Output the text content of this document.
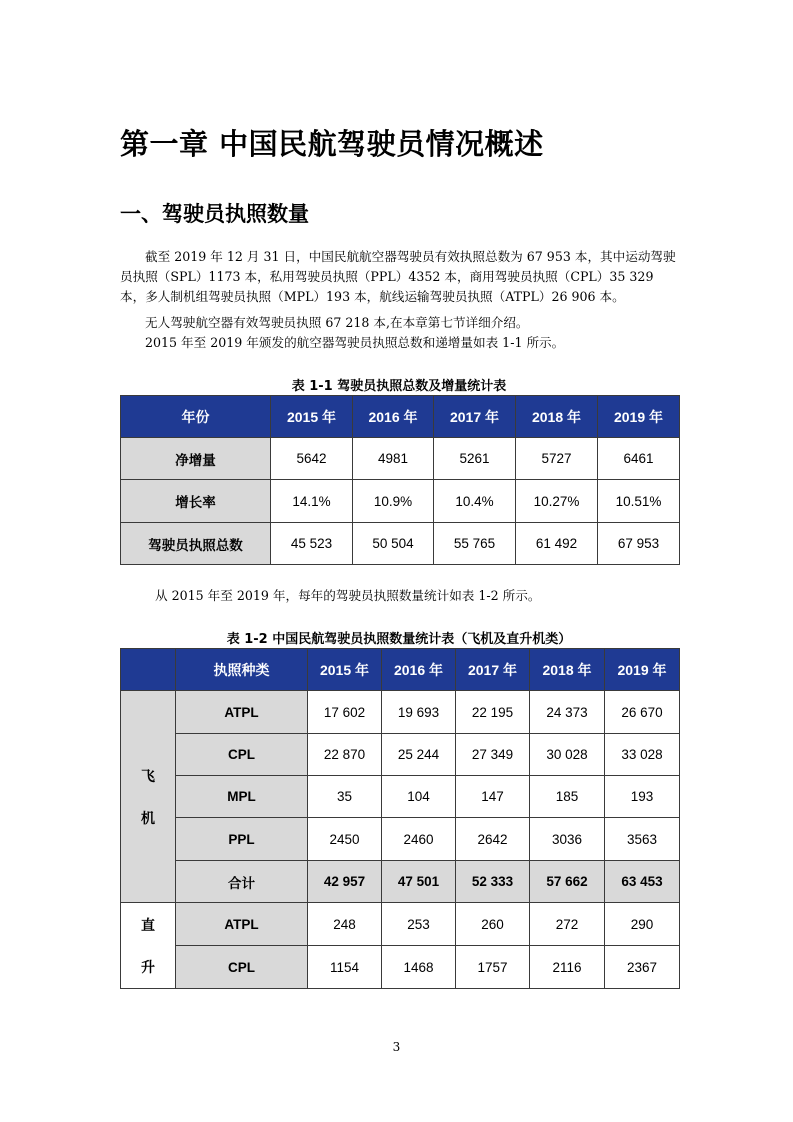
第一章 中国民航驾驶员情况概述
一、驾驶员执照数量
截至 2019 年 12 月 31 日，中国民航航空器驾驶员有效执照总数为 67 953 本，其中运动驾驶员执照（SPL）1173 本，私用驾驶员执照（PPL）4352 本，商用驾驶员执照（CPL）35 329 本，多人制机组驾驶员执照（MPL）193 本，航线运输驾驶员执照（ATPL）26 906 本。
无人驾驶航空器有效驾驶员执照 67 218 本,在本章第七节详细介绍。
2015 年至 2019 年颁发的航空器驾驶员执照总数和递增量如表 1-1 所示。
表 1-1 驾驶员执照总数及增量统计表
年份	2015 年	2016 年	2017 年	2018 年	2019 年
净增量	5642	4981	5261	5727	6461
增长率	14.1%	10.9%	10.4%	10.27%	10.51%
驾驶员执照总数	45 523	50 504	55 765	61 492	67 953
从 2015 年至 2019 年，每年的驾驶员执照数量统计如表 1-2 所示。
表 1-2 中国民航驾驶员执照数量统计表（飞机及直升机类）
	执照种类	2015 年	2016 年	2017 年	2018 年	2019 年
飞
机	ATPL	17 602	19 693	22 195	24 373	26 670
	CPL	22 870	25 244	27 349	30 028	33 028
	MPL	35	104	147	185	193
	PPL	2450	2460	2642	3036	3563
	合计	42 957	47 501	52 333	57 662	63 453
直
升	ATPL	248	253	260	272	290
	CPL	1154	1468	1757	2116	2367
3
